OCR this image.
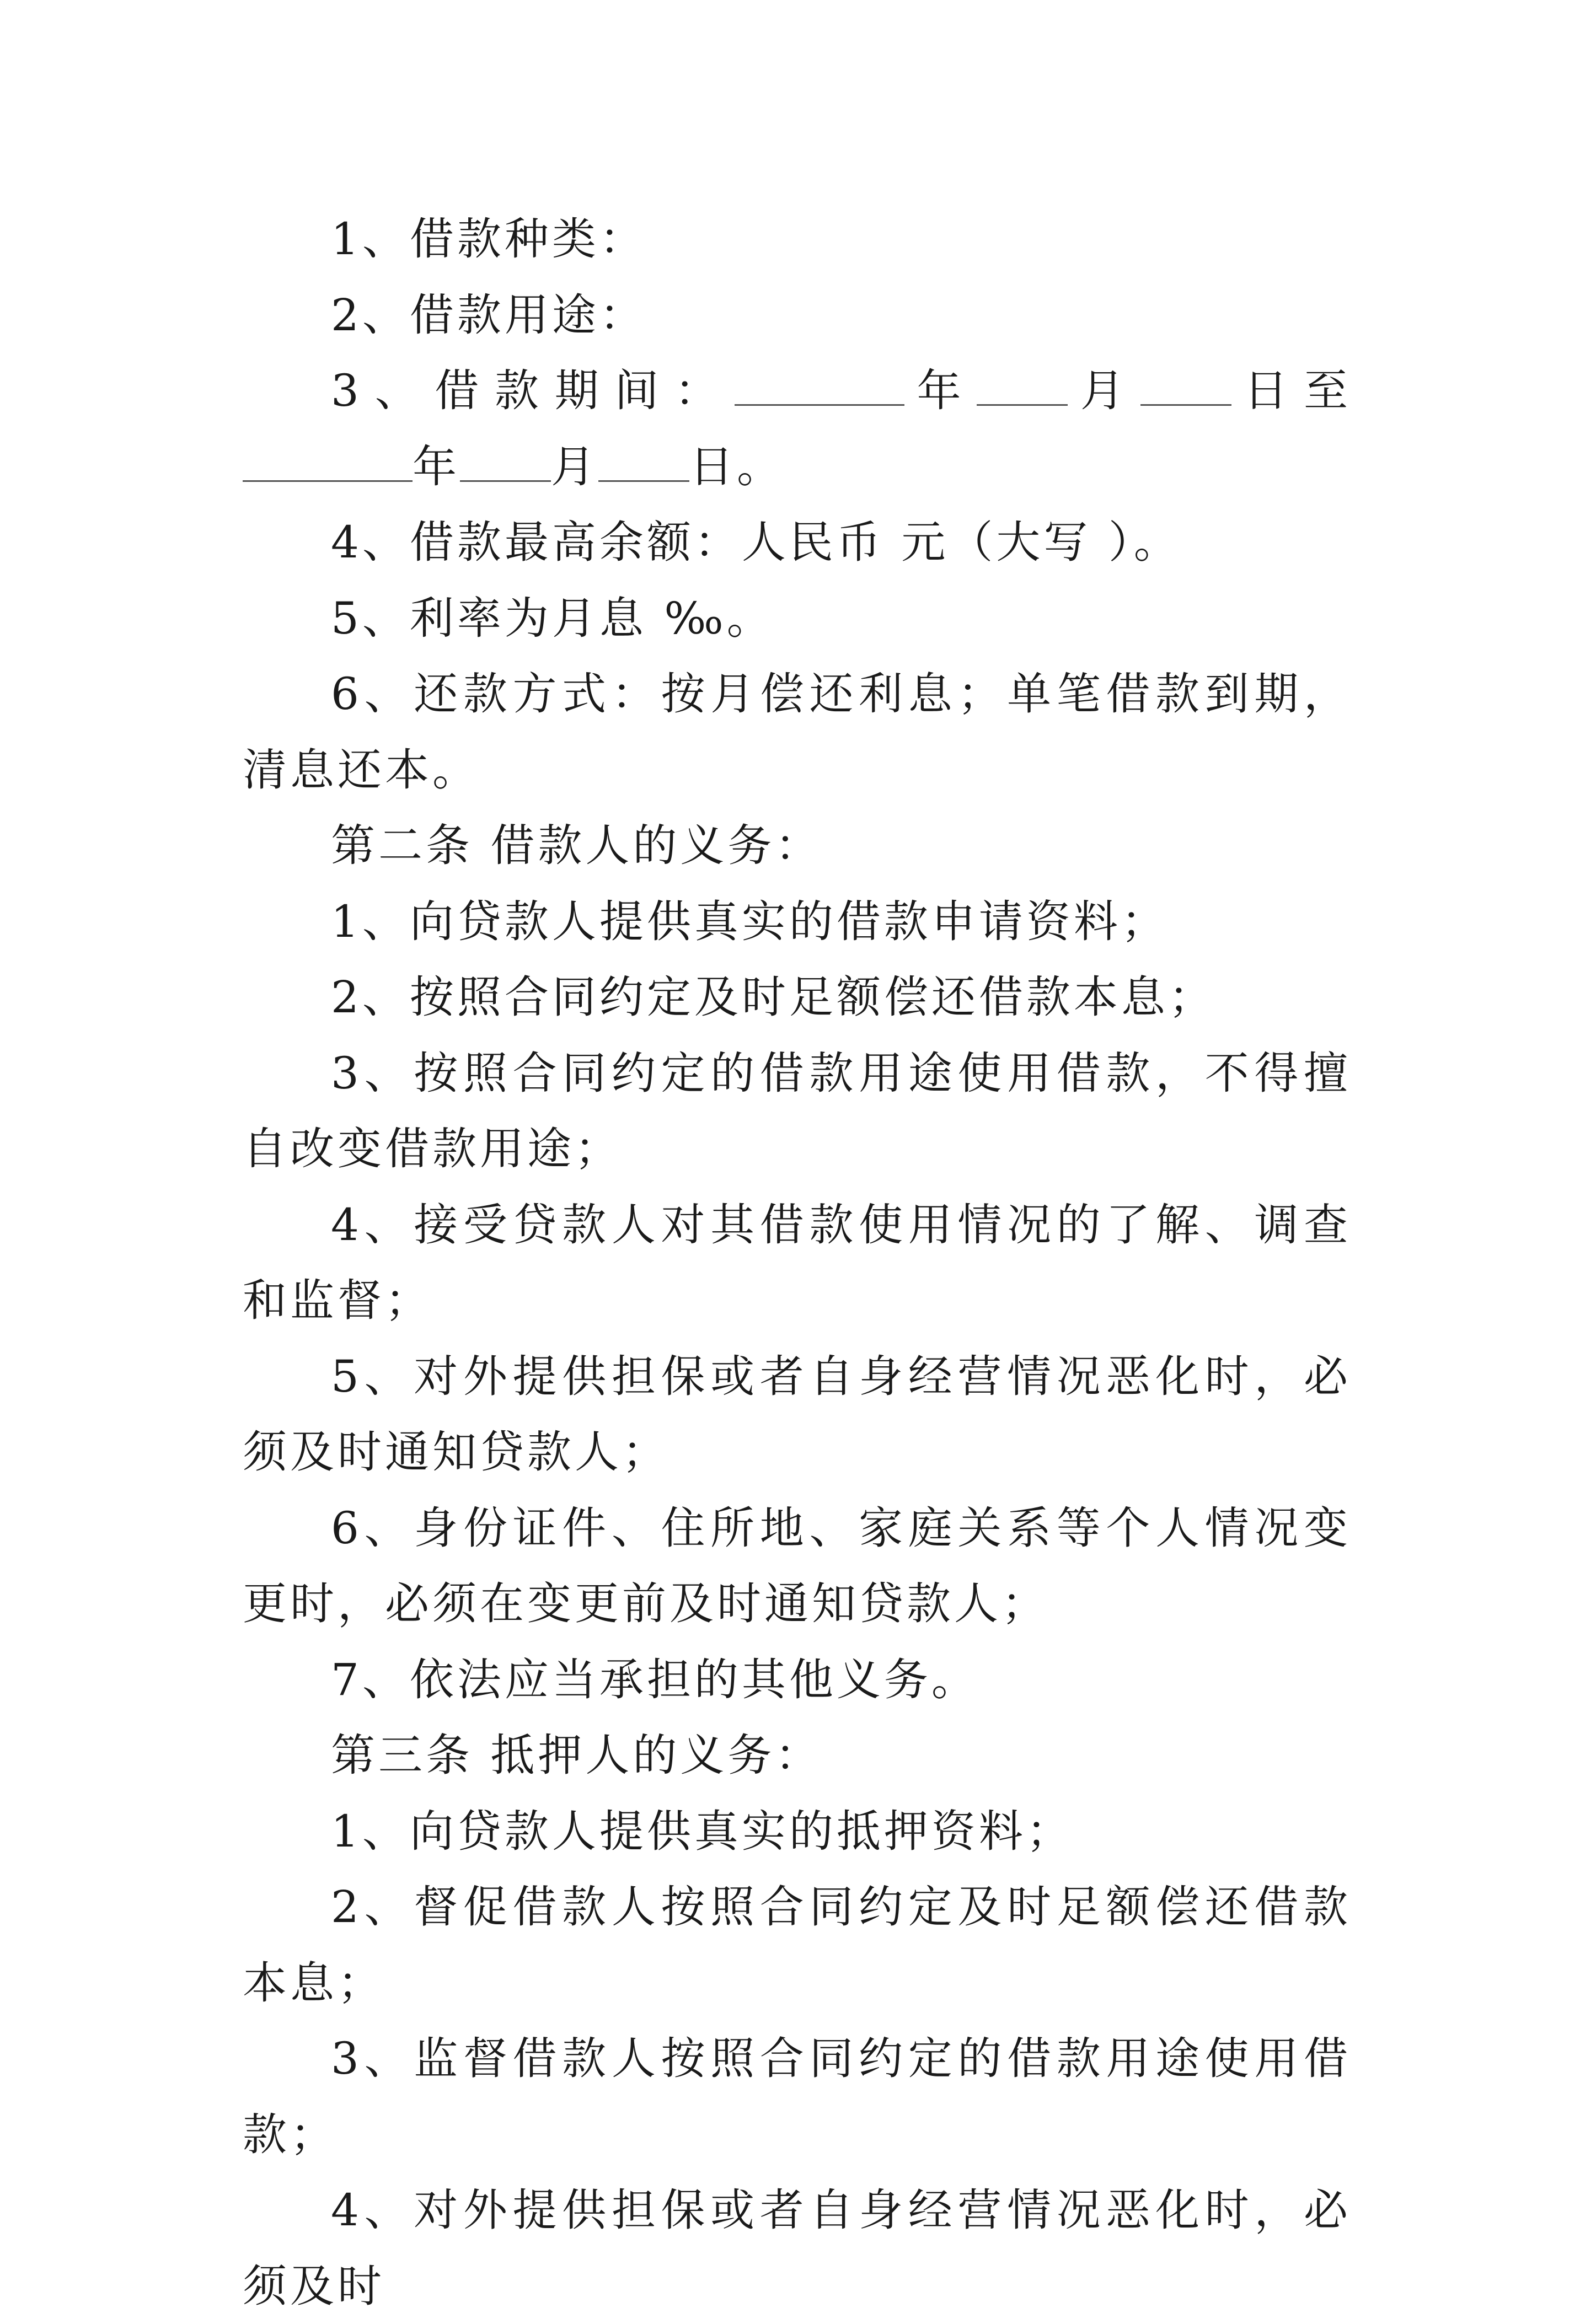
1、借款种类：

2、借款用途：

3、借款期间：	年 月 日至年 月 日。

4、借款最高余额：人民币 元（大写 ）。

5、利率为月息 ‰。

6、还款方式：按月偿还利息；单笔借款到期，清息还本。

第二条 借款人的义务：

1、向贷款人提供真实的借款申请资料；

2、按照合同约定及时足额偿还借款本息；

3、按照合同约定的借款用途使用借款，不得擅自改变借款用途；

4、接受贷款人对其借款使用情况的了解、调查和监督；

5、对外提供担保或者自身经营情况恶化时，必须及时通知贷款人；

6、身份证件、住所地、家庭关系等个人情况变更时，必须在变更前及时通知贷款人；

7、依法应当承担的其他义务。

第三条 抵押人的义务：

1、向贷款人提供真实的抵押资料；

2、督促借款人按照合同约定及时足额偿还借款本息；

3、监督借款人按照合同约定的借款用途使用借款；

4、对外提供担保或者自身经营情况恶化时，必须及时
